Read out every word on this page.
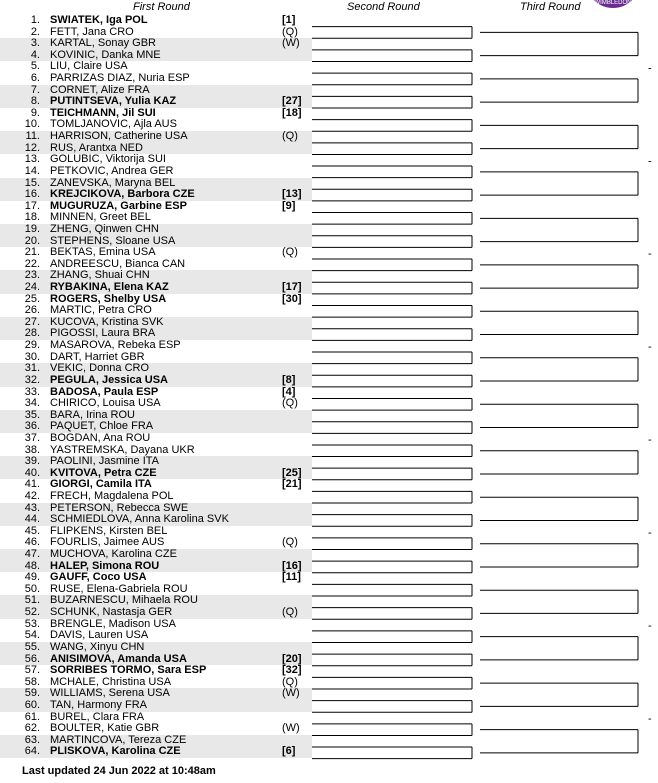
WIMBLEDON
First Round	Second Round	Third Round
1. SWIATEK, Iga POL	[1]
2. FETT, Jana CRO	(Q)
3. KARTAL, Sonay GBR	(W)
4. KOVINIC, Danka MNE
5. LIU, Claire USA
6. PARRIZAS DIAZ, Nuria ESP
7. CORNET, Alize FRA
8. PUTINTSEVA, Yulia KAZ	[27]
9. TEICHMANN, Jil SUI	[18]
10. TOMLJANOVIC, Ajla AUS
11. HARRISON, Catherine USA	(Q)
12. RUS, Arantxa NED
13. GOLUBIC, Viktorija SUI
14. PETKOVIC, Andrea GER
15. ZANEVSKA, Maryna BEL
16. KREJCIKOVA, Barbora CZE	[13]
17. MUGURUZA, Garbine ESP	[9]
18. MINNEN, Greet BEL
19. ZHENG, Qinwen CHN
20. STEPHENS, Sloane USA
21. BEKTAS, Emina USA	(Q)
22. ANDREESCU, Bianca CAN
23. ZHANG, Shuai CHN
24. RYBAKINA, Elena KAZ	[17]
25. ROGERS, Shelby USA	[30]
26. MARTIC, Petra CRO
27. KUCOVA, Kristina SVK
28. PIGOSSI, Laura BRA
29. MASAROVA, Rebeka ESP
30. DART, Harriet GBR
31. VEKIC, Donna CRO
32. PEGULA, Jessica USA	[8]
33. BADOSA, Paula ESP	[4]
34. CHIRICO, Louisa USA	(Q)
35. BARA, Irina ROU
36. PAQUET, Chloe FRA
37. BOGDAN, Ana ROU
38. YASTREMSKA, Dayana UKR
39. PAOLINI, Jasmine ITA
40. KVITOVA, Petra CZE	[25]
41. GIORGI, Camila ITA	[21]
42. FRECH, Magdalena POL
43. PETERSON, Rebecca SWE
44. SCHMIEDLOVA, Anna Karolina SVK
45. FLIPKENS, Kirsten BEL
46. FOURLIS, Jaimee AUS	(Q)
47. MUCHOVA, Karolina CZE
48. HALEP, Simona ROU	[16]
49. GAUFF, Coco USA	[11]
50. RUSE, Elena-Gabriela ROU
51. BUZARNESCU, Mihaela ROU
52. SCHUNK, Nastasja GER	(Q)
53. BRENGLE, Madison USA
54. DAVIS, Lauren USA
55. WANG, Xinyu CHN
56. ANISIMOVA, Amanda USA	[20]
57. SORRIBES TORMO, Sara ESP	[32]
58. MCHALE, Christina USA	(Q)
59. WILLIAMS, Serena USA	(W)
60. TAN, Harmony FRA
61. BUREL, Clara FRA
62. BOULTER, Katie GBR	(W)
63. MARTINCOVA, Tereza CZE
64. PLISKOVA, Karolina CZE	[6]
-
-
-
-
-
-
-
-
Last updated 24 Jun 2022 at 10:48am
